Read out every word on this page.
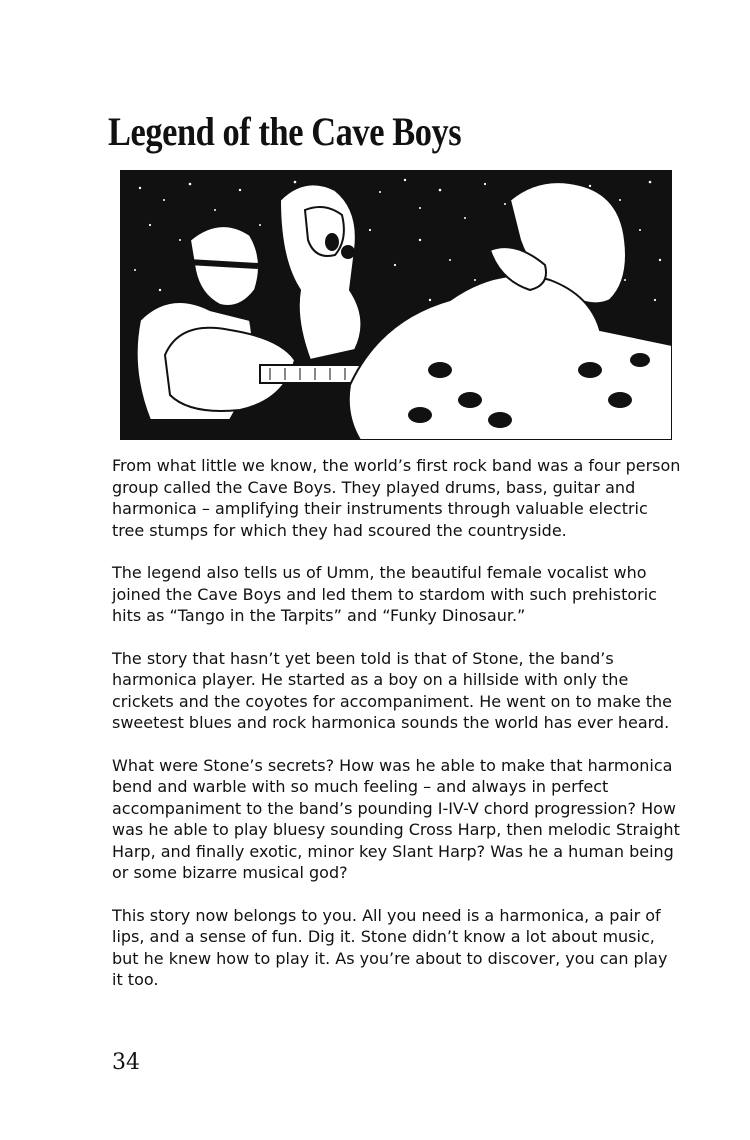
Legend of the Cave Boys

From what little we know, the world’s first rock band was a four person group called the Cave Boys. They played drums, bass, guitar and harmonica – amplifying their instruments through valuable electric tree stumps for which they had scoured the countryside.

The legend also tells us of Umm, the beautiful female vocalist who joined the Cave Boys and led them to stardom with such prehistoric hits as “Tango in the Tarpits” and “Funky Dinosaur.”

The story that hasn’t yet been told is that of Stone, the band’s harmonica player. He started as a boy on a hillside with only the crickets and the coyotes for accompaniment. He went on to make the sweetest blues and rock harmonica sounds the world has ever heard.

What were Stone’s secrets? How was he able to make that harmonica bend and warble with so much feeling – and always in perfect accompaniment to the band’s pounding I-IV-V chord progression? How was he able to play bluesy sounding Cross Harp, then melodic Straight Harp, and finally exotic, minor key Slant Harp? Was he a human being or some bizarre musical god?

This story now belongs to you. All you need is a harmonica, a pair of lips, and a sense of fun. Dig it. Stone didn’t know a lot about music, but he knew how to play it. As you’re about to discover, you can play it too.

34
